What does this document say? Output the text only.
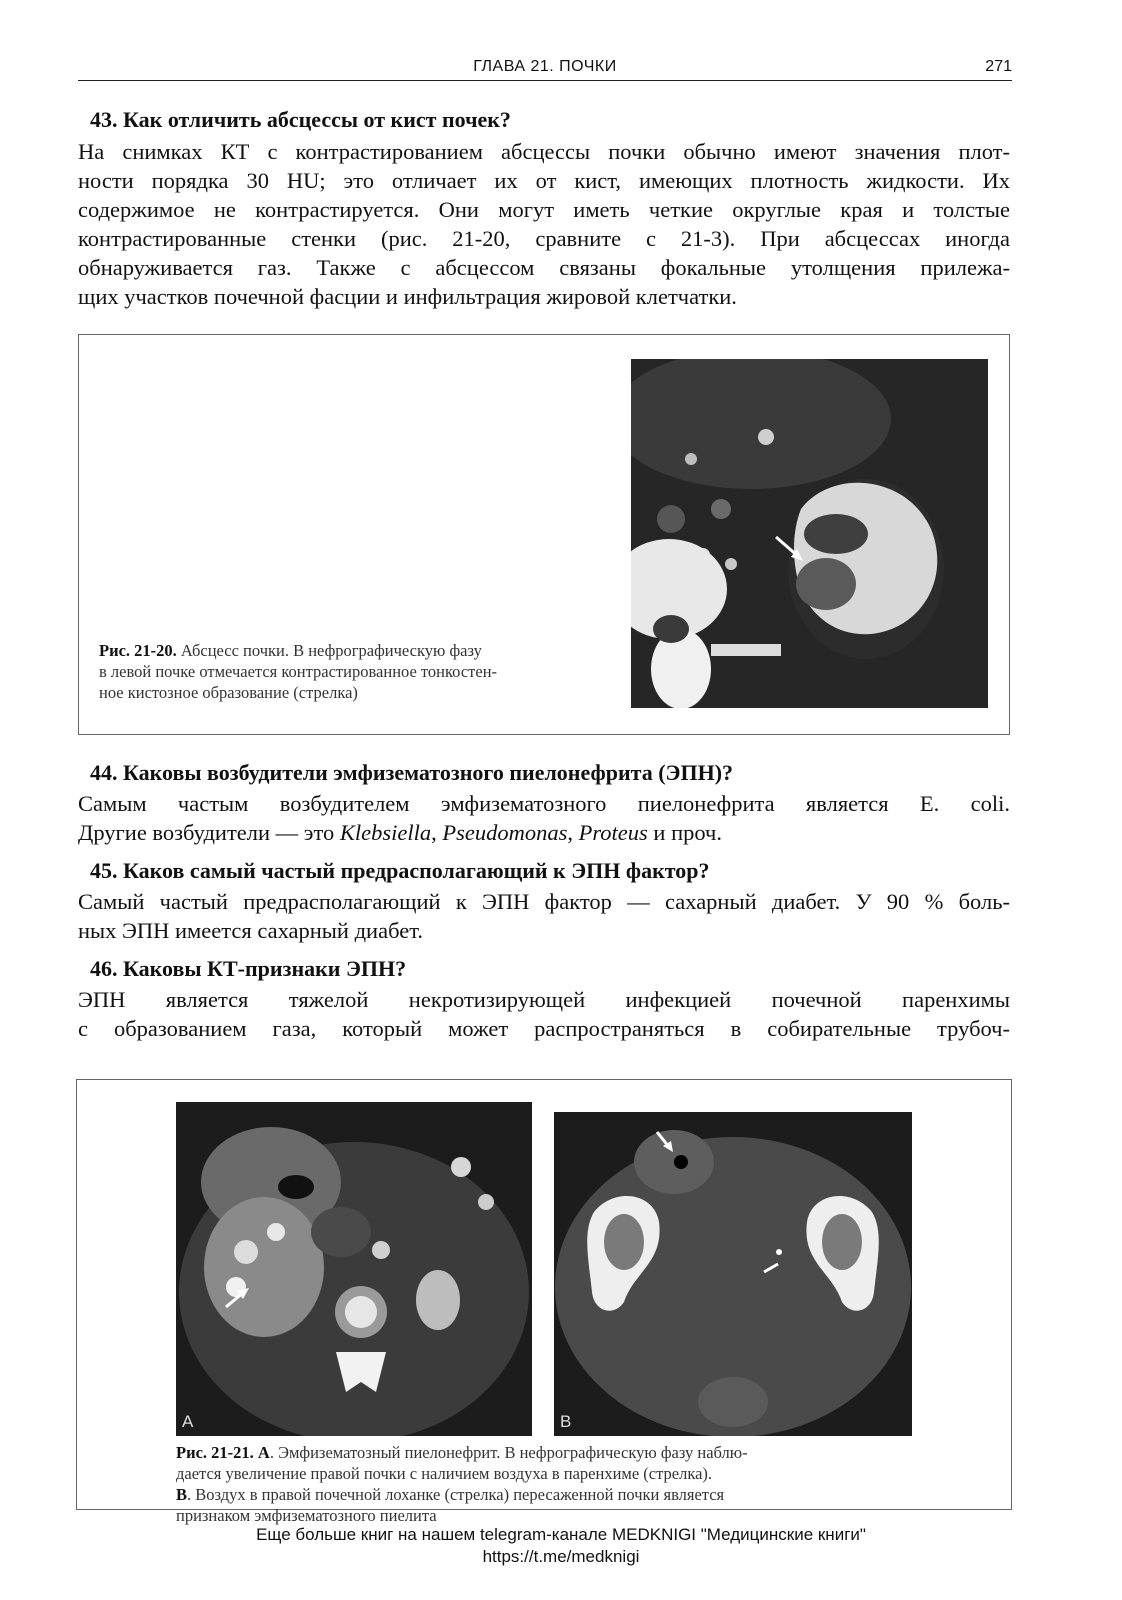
ГЛАВА 21. ПОЧКИ	271
43. Как отличить абсцессы от кист почек?
На снимках КТ с контрастированием абсцессы почки обычно имеют значения плот-
ности порядка 30 HU; это отличает их от кист, имеющих плотность жидкости. Их
содержимое не контрастируется. Они могут иметь четкие округлые края и толстые
контрастированные стенки (рис. 21-20, сравните с 21-3). При абсцессах иногда
обнаруживается газ. Также с абсцессом связаны фокальные утолщения прилежа-
щих участков почечной фасции и инфильтрация жировой клетчатки.
Рис. 21-20. Абсцесс почки. В нефрографическую фазу
в левой почке отмечается контрастированное тонкостен-
ное кистозное образование (стрелка)
44. Каковы возбудители эмфизематозного пиелонефрита (ЭПН)?
Самым частым возбудителем эмфизематозного пиелонефрита является E. coli.
Другие возбудители — это Klebsiella, Pseudomonas, Proteus и проч.
45. Каков самый частый предрасполагающий к ЭПН фактор?
Самый частый предрасполагающий к ЭПН фактор — сахарный диабет. У 90 % боль-
ных ЭПН имеется сахарный диабет.
46. Каковы КТ-признаки ЭПН?
ЭПН является тяжелой некротизирующей инфекцией почечной паренхимы
с образованием газа, который может распространяться в собирательные трубоч-
A	B
Рис. 21-21. А. Эмфизематозный пиелонефрит. В нефрографическую фазу наблю-
дается увеличение правой почки с наличием воздуха в паренхиме (стрелка).
В. Воздух в правой почечной лоханке (стрелка) пересаженной почки является
признаком эмфизематозного пиелита
Еще больше книг на нашем telegram-канале MEDKNIGI "Медицинские книги"
https://t.me/medknigi
